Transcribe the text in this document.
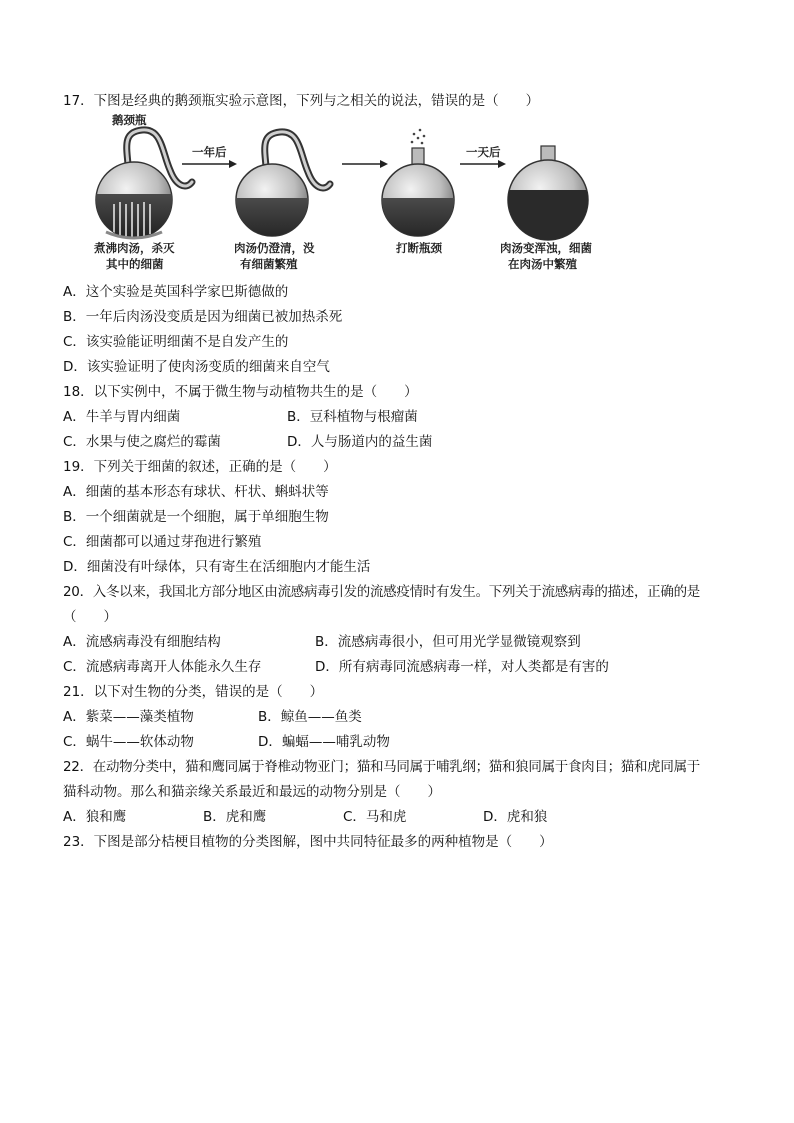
17．下图是经典的鹅颈瓶实验示意图，下列与之相关的说法，错误的是（　　）
鹅颈瓶
一年后	一天后
煮沸肉汤，杀灭
其中的细菌
肉汤仍澄清，没
有细菌繁殖
打断瓶颈	肉汤变浑浊，细菌
在肉汤中繁殖
A．这个实验是英国科学家巴斯德做的
B．一年后肉汤没变质是因为细菌已被加热杀死
C．该实验能证明细菌不是自发产生的
D．该实验证明了使肉汤变质的细菌来自空气
18．以下实例中，不属于微生物与动植物共生的是（　　）
A．牛羊与胃内细菌	B．豆科植物与根瘤菌
C．水果与使之腐烂的霉菌	D．人与肠道内的益生菌
19．下列关于细菌的叙述，正确的是（　　）
A．细菌的基本形态有球状、杆状、蝌蚪状等
B．一个细菌就是一个细胞，属于单细胞生物
C．细菌都可以通过芽孢进行繁殖
D．细菌没有叶绿体，只有寄生在活细胞内才能生活
20．入冬以来，我国北方部分地区由流感病毒引发的流感疫情时有发生。下列关于流感病毒的描述，正确的是
（　　）
A．流感病毒没有细胞结构	B．流感病毒很小，但可用光学显微镜观察到
C．流感病毒离开人体能永久生存	D．所有病毒同流感病毒一样，对人类都是有害的
21．以下对生物的分类，错误的是（　　）
A．紫菜——藻类植物	B．鲸鱼——鱼类
C．蜗牛——软体动物	D．蝙蝠——哺乳动物
22．在动物分类中，猫和鹰同属于脊椎动物亚门；猫和马同属于哺乳纲；猫和狼同属于食肉目；猫和虎同属于
猫科动物。那么和猫亲缘关系最近和最远的动物分别是（　　）
A．狼和鹰	B．虎和鹰	C．马和虎	D．虎和狼
23．下图是部分桔梗目植物的分类图解，图中共同特征最多的两种植物是（　　）
